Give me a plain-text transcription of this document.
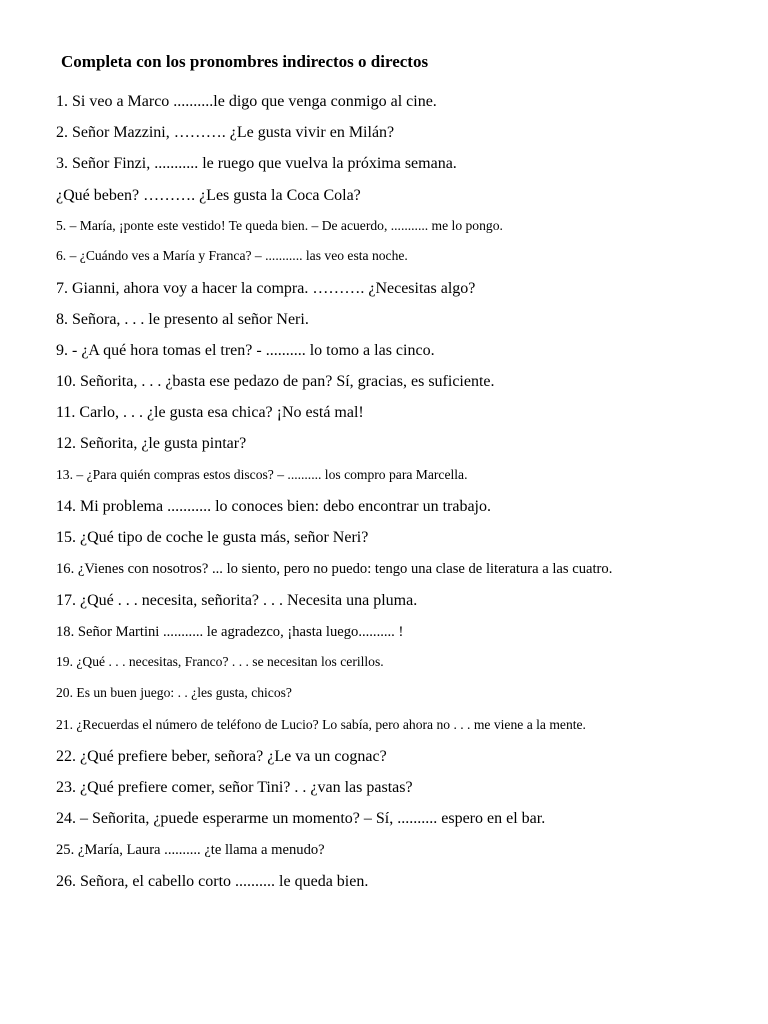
Completa con los pronombres indirectos o directos
1. Si veo a Marco ..........le digo que venga conmigo al cine.
2. Señor Mazzini, ………. ¿Le gusta vivir en Milán?
3. Señor Finzi, ........... le ruego que vuelva la próxima semana.
¿Qué beben? ………. ¿Les gusta la Coca Cola?
5. – María, ¡ponte este vestido! Te queda bien. – De acuerdo, ........... me lo pongo.
6. – ¿Cuándo ves a María y Franca? – ........... las veo esta noche.
7. Gianni, ahora voy a hacer la compra. ………. ¿Necesitas algo?
8. Señora, . . . le presento al señor Neri.
9. - ¿A qué hora tomas el tren? - .......... lo tomo a las cinco.
10. Señorita, . . . ¿basta ese pedazo de pan? Sí, gracias, es suficiente.
11. Carlo, . . . ¿le gusta esa chica? ¡No está mal!
12. Señorita, ¿le gusta pintar?
13. – ¿Para quién compras estos discos? – .......... los compro para Marcella.
14. Mi problema ........... lo conoces bien: debo encontrar un trabajo.
15. ¿Qué tipo de coche le gusta más, señor Neri?
16. ¿Vienes con nosotros? ... lo siento, pero no puedo: tengo una clase de literatura a las cuatro.
17. ¿Qué . . . necesita, señorita? . . . Necesita una pluma.
18. Señor Martini ........... le agradezco, ¡hasta luego.......... !
19. ¿Qué . . . necesitas, Franco? . . . se necesitan los cerillos.
20. Es un buen juego: . . ¿les gusta, chicos?
21. ¿Recuerdas el número de teléfono de Lucio? Lo sabía, pero ahora no . . . me viene a la mente.
22. ¿Qué prefiere beber, señora? ¿Le va un cognac?
23. ¿Qué prefiere comer, señor Tini? . . ¿van las pastas?
24. – Señorita, ¿puede esperarme un momento? – Sí, .......... espero en el bar.
25. ¿María, Laura .......... ¿te llama a menudo?
26. Señora, el cabello corto .......... le queda bien.
